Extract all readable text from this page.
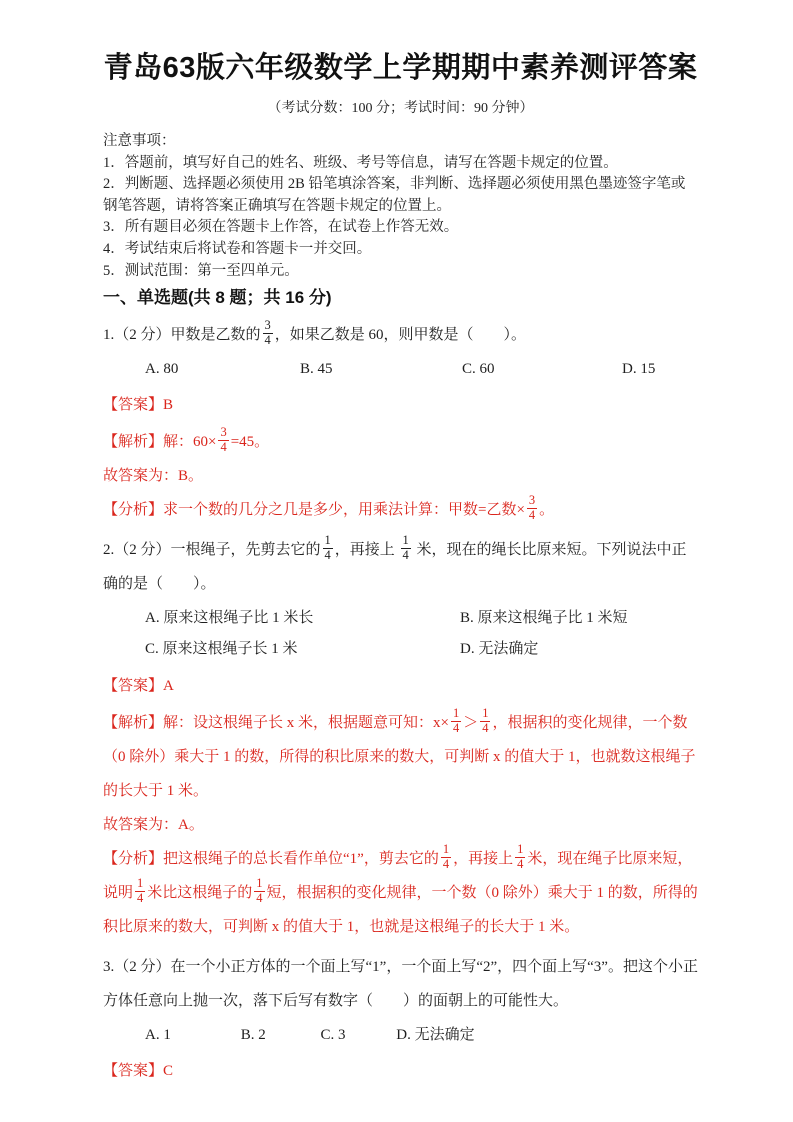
青岛63版六年级数学上学期期中素养测评答案
（考试分数：100 分；考试时间：90 分钟）
注意事项：
1．答题前，填写好自己的姓名、班级、考号等信息，请写在答题卡规定的位置。
2．判断题、选择题必须使用 2B 铅笔填涂答案，非判断、选择题必须使用黑色墨迹签字笔或钢笔答题，请将答案正确填写在答题卡规定的位置上。
3．所有题目必须在答题卡上作答，在试卷上作答无效。
4．考试结束后将试卷和答题卡一并交回。
5．测试范围：第一至四单元。
一、单选题(共 8 题；共 16 分)
1.（2 分）甲数是乙数的 $\frac{3}{4}$ ，如果乙数是 60，则甲数是（　　）。
A. 80	B. 45	C. 60	D. 15
【答案】B
【解析】解：$60\times \frac{3}{4} =45$。
故答案为：B。
【分析】求一个数的几分之几是多少，用乘法计算：甲数=乙数× $\frac{3}{4}$ 。
2.（2 分）一根绳子，先剪去它的 $\frac{1}{4}$ ，再接上 $\frac{1}{4}$ 米，现在的绳长比原来短。下列说法中正确的是（　　）。
A. 原来这根绳子比 1 米长	B. 原来这根绳子比 1 米短
C. 原来这根绳子长 1 米	D. 无法确定
【答案】A
【解析】解：设这根绳子长 x 米，根据题意可知：$x\times \frac{1}{4} > \frac{1}{4}$ ，根据积的变化规律，一个数（0 除外）乘大于 1 的数，所得的积比原来的数大，可判断 x 的值大于 1，也就数这根绳子的长大于 1 米。
故答案为：A。
【分析】把这根绳子的总长看作单位“1”，剪去它的 $\frac{1}{4}$ ，再接上 $\frac{1}{4}$ 米，现在绳子比原来短，说明 $\frac{1}{4}$ 米比这根绳子的 $\frac{1}{4}$ 短，根据积的变化规律，一个数（0 除外）乘大于 1 的数，所得的积比原来的数大，可判断 x 的值大于 1，也就是这根绳子的长大于 1 米。
3.（2 分）在一个小正方体的一个面上写“1”，一个面上写“2”，四个面上写“3”。把这个小正方体任意向上抛一次，落下后写有数字（　　）的面朝上的可能性大。
A. 1	B. 2	C. 3	D. 无法确定
【答案】C
